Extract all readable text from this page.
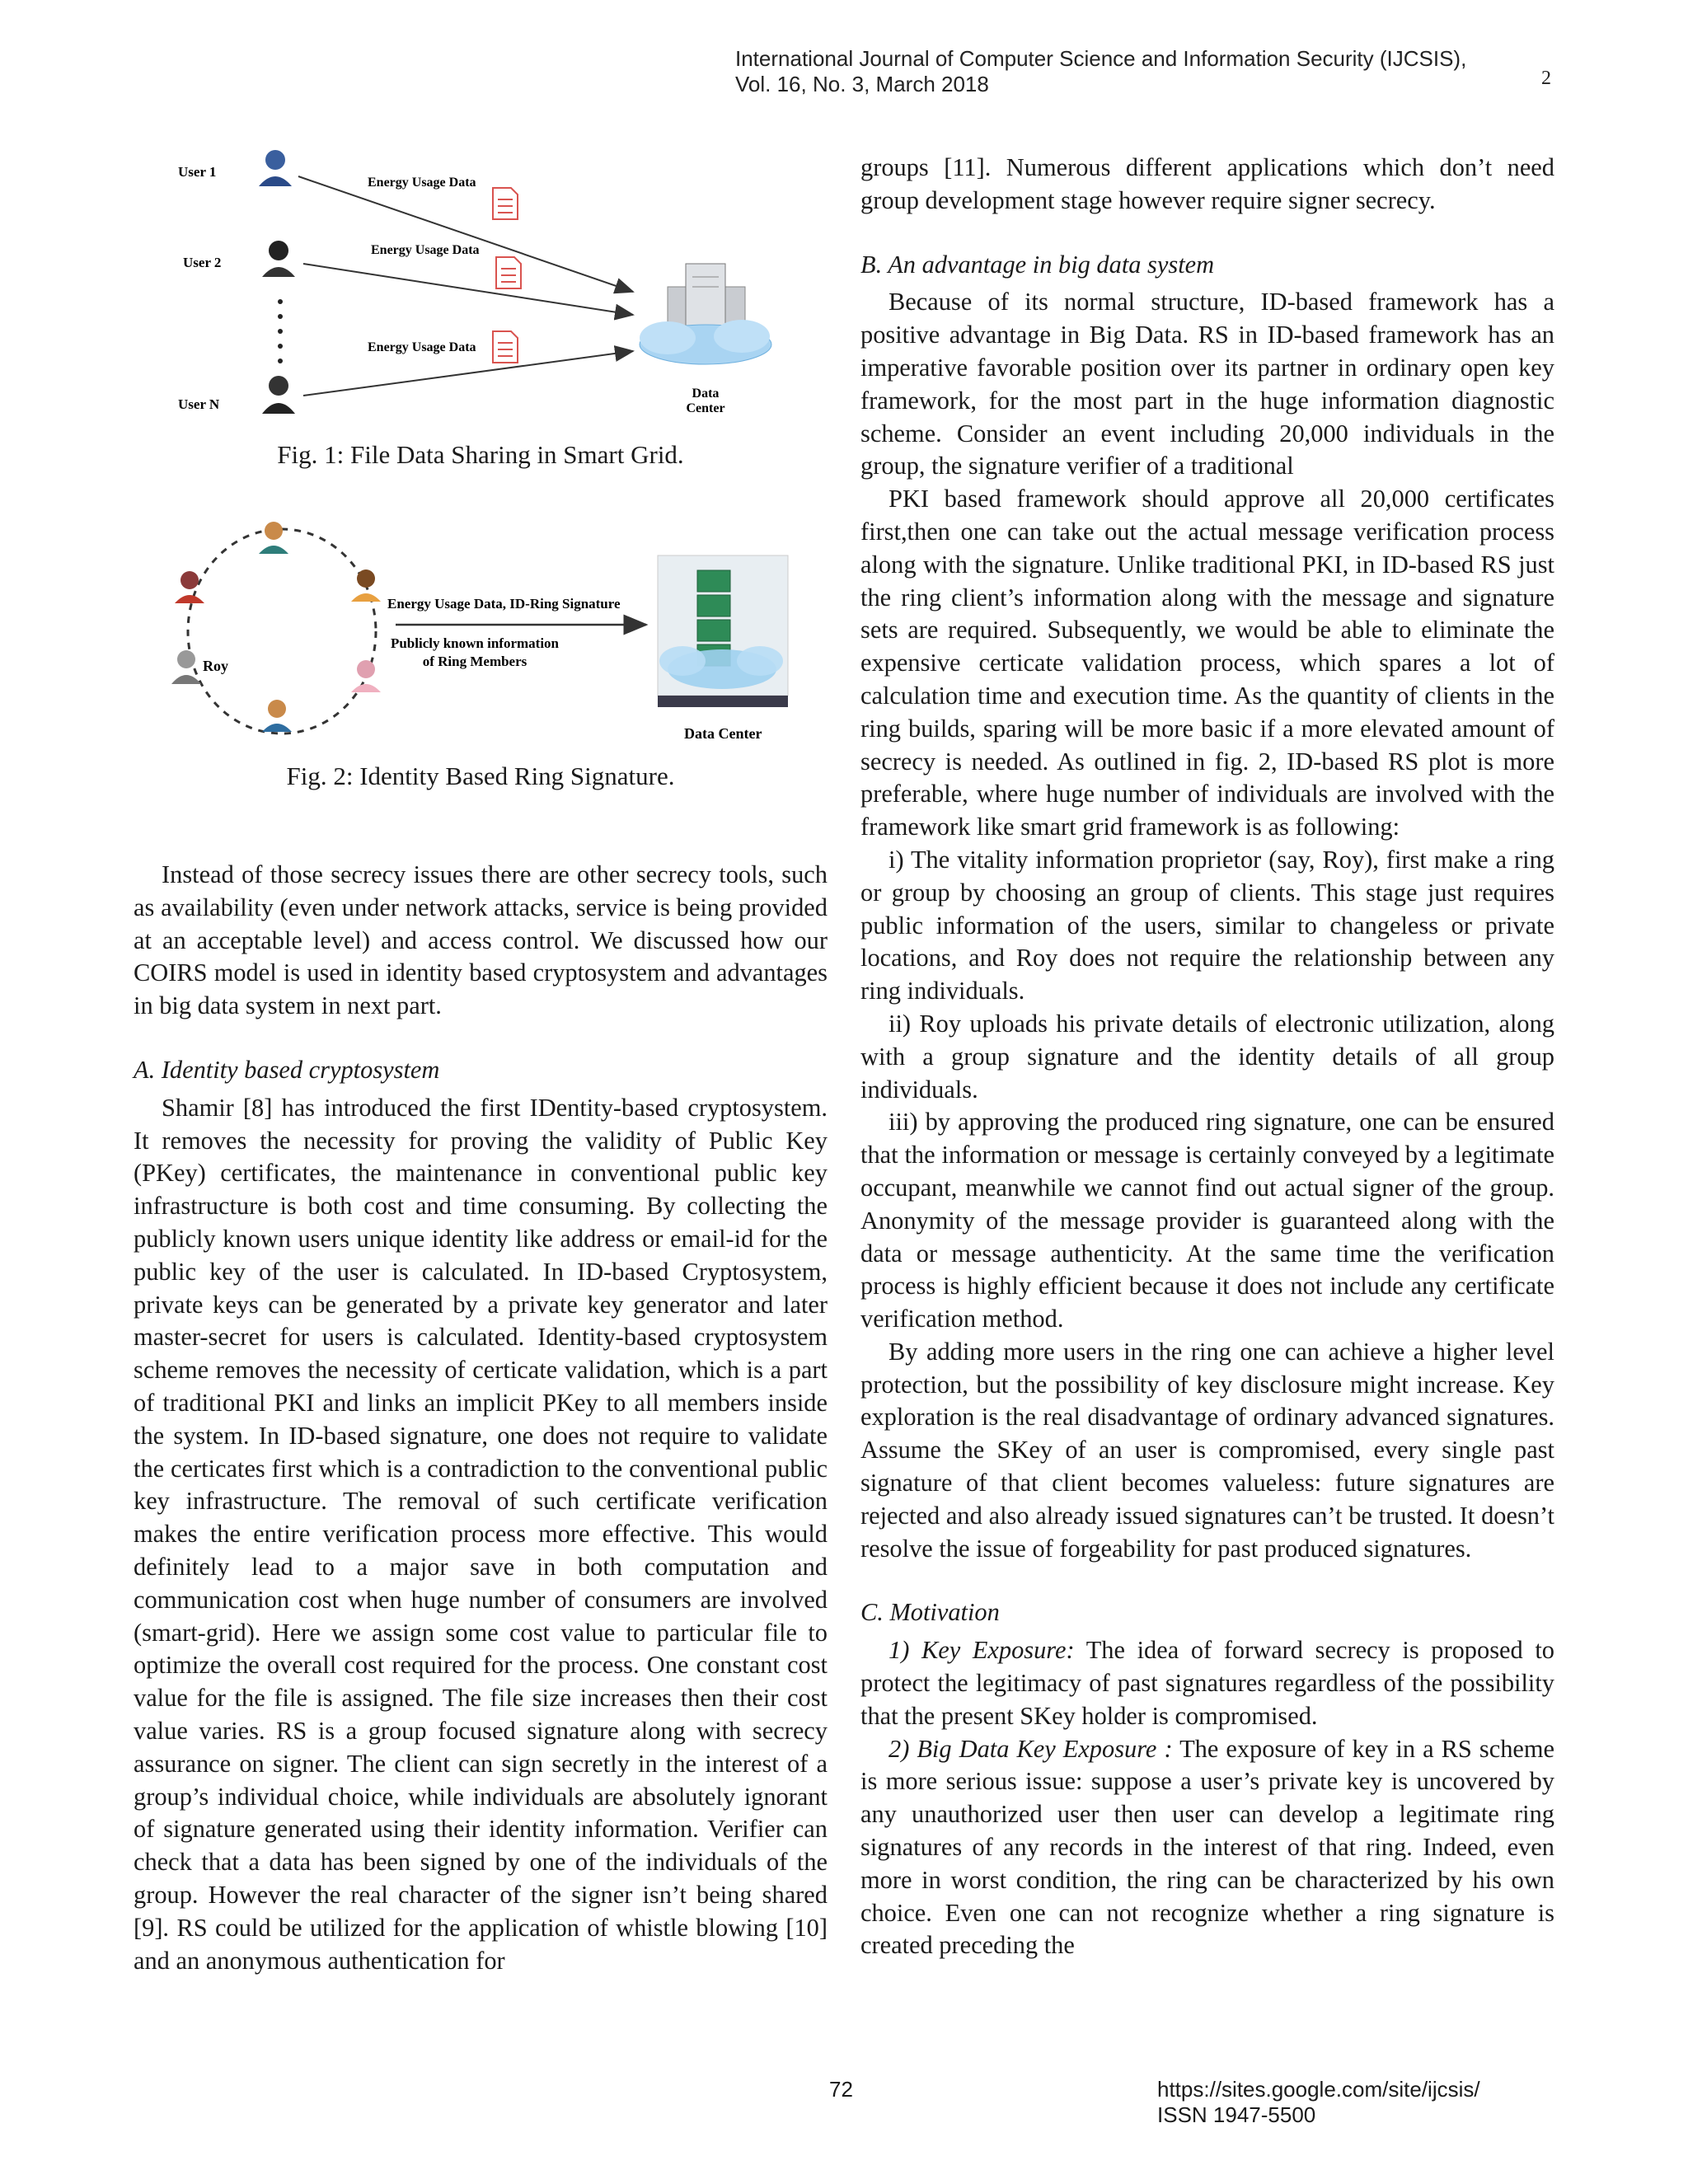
International Journal of Computer Science and Information Security (IJCSIS),
Vol. 16, No. 3, March 2018	2
User 1
User 2
User N
Energy Usage Data
Energy Usage Data
Energy Usage Data
Data
Center
Fig. 1: File Data Sharing in Smart Grid.
Roy
Energy Usage Data, ID-Ring Signature
Publicly known information
of Ring Members
Data Center
Fig. 2: Identity Based Ring Signature.

Instead of those secrecy issues there are other secrecy tools, such as availability (even under network attacks, service is being provided at an acceptable level) and access control. We discussed how our COIRS model is used in identity based cryptosystem and advantages in big data system in next part.

A. Identity based cryptosystem

Shamir [8] has introduced the first IDentity-based cryptosystem. It removes the necessity for proving the validity of Public Key (PKey) certificates, the maintenance in conventional public key infrastructure is both cost and time consuming. By collecting the publicly known users unique identity like address or email-id for the public key of the user is calculated. In ID-based Cryptosystem, private keys can be generated by a private key generator and later master-secret for users is calculated. Identity-based cryptosystem scheme removes the necessity of certicate validation, which is a part of traditional PKI and links an implicit PKey to all members inside the system. In ID-based signature, one does not require to validate the certicates first which is a contradiction to the conventional public key infrastructure. The removal of such certificate verification makes the entire verification process more effective. This would definitely lead to a major save in both computation and communication cost when huge number of consumers are involved (smart-grid). Here we assign some cost value to particular file to optimize the overall cost required for the process. One constant cost value for the file is assigned. The file size increases then their cost value varies. RS is a group focused signature along with secrecy assurance on signer. The client can sign secretly in the interest of a group’s individual choice, while individuals are absolutely ignorant of signature generated using their identity information. Verifier can check that a data has been signed by one of the individuals of the group. However the real character of the signer isn’t being shared [9]. RS could be utilized for the application of whistle blowing [10] and an anonymous authentication for

groups [11]. Numerous different applications which don’t need group development stage however require signer secrecy.

B. An advantage in big data system

Because of its normal structure, ID-based framework has a positive advantage in Big Data. RS in ID-based framework has an imperative favorable position over its partner in ordinary open key framework, for the most part in the huge information diagnostic scheme. Consider an event including 20,000 individuals in the group, the signature verifier of a traditional

PKI based framework should approve all 20,000 certificates first,then one can take out the actual message verification process along with the signature. Unlike traditional PKI, in ID-based RS just the ring client’s information along with the message and signature sets are required. Subsequently, we would be able to eliminate the expensive certicate validation process, which spares a lot of calculation time and execution time. As the quantity of clients in the ring builds, sparing will be more basic if a more elevated amount of secrecy is needed. As outlined in fig. 2, ID-based RS plot is more preferable, where huge number of individuals are involved with the framework like smart grid framework is as following:

i) The vitality information proprietor (say, Roy), first make a ring or group by choosing an group of clients. This stage just requires public information of the users, similar to changeless or private locations, and Roy does not require the relationship between any ring individuals.

ii) Roy uploads his private details of electronic utilization, along with a group signature and the identity details of all group individuals.

iii) by approving the produced ring signature, one can be ensured that the information or message is certainly conveyed by a legitimate occupant, meanwhile we cannot find out actual signer of the group. Anonymity of the message provider is guaranteed along with the data or message authenticity. At the same time the verification process is highly efficient because it does not include any certificate verification method.

By adding more users in the ring one can achieve a higher level protection, but the possibility of key disclosure might increase. Key exploration is the real disadvantage of ordinary advanced signatures. Assume the SKey of an user is compromised, every single past signature of that client becomes valueless: future signatures are rejected and also already issued signatures can’t be trusted. It doesn’t resolve the issue of forgeability for past produced signatures.

C. Motivation

1) Key Exposure: The idea of forward secrecy is proposed to protect the legitimacy of past signatures regardless of the possibility that the present SKey holder is compromised.

2) Big Data Key Exposure : The exposure of key in a RS scheme is more serious issue: suppose a user’s private key is uncovered by any unauthorized user then user can develop a legitimate ring signatures of any records in the interest of that ring. Indeed, even more in worst condition, the ring can be characterized by his own choice. Even one can not recognize whether a ring signature is created preceding the

72	https://sites.google.com/site/ijcsis/
ISSN 1947-5500
